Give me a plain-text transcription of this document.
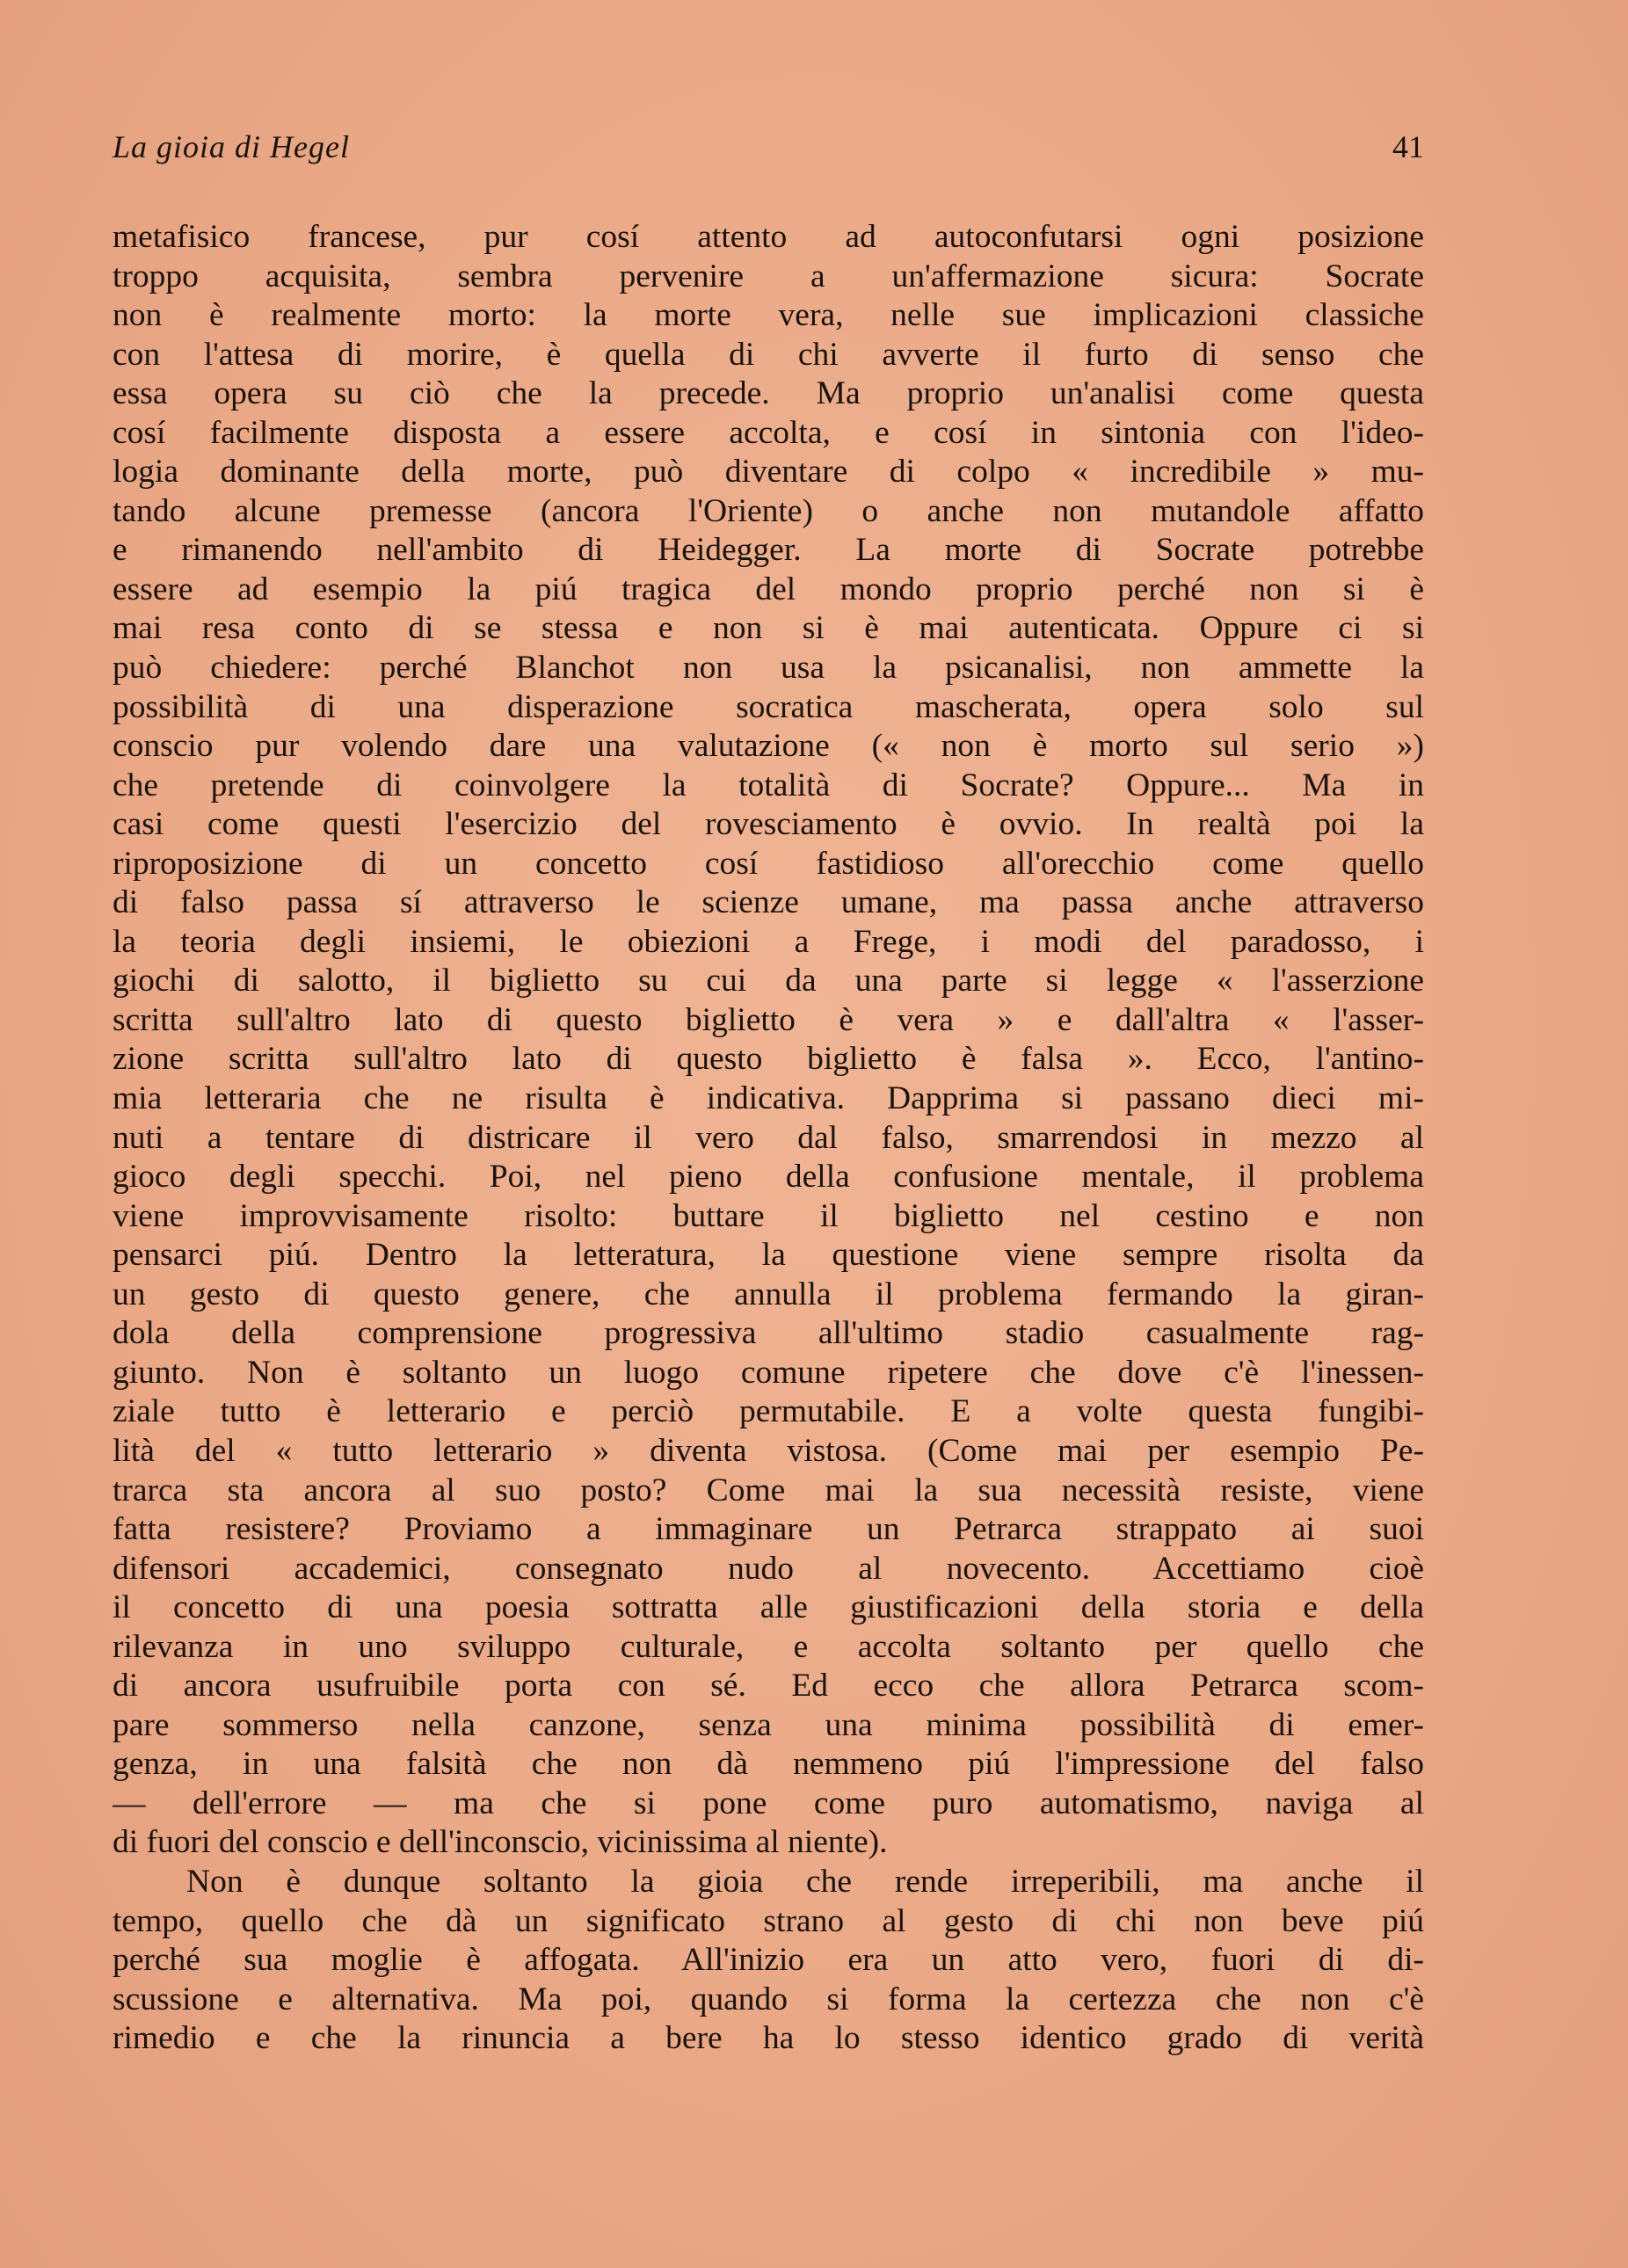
La gioia di Hegel	41
metafisico francese, pur cosí attento ad autoconfutarsi ogni posizione
troppo acquisita, sembra pervenire a un'affermazione sicura: Socrate
non è realmente morto: la morte vera, nelle sue implicazioni classiche
con l'attesa di morire, è quella di chi avverte il furto di senso che
essa opera su ciò che la precede. Ma proprio un'analisi come questa
cosí facilmente disposta a essere accolta, e cosí in sintonia con l'ideo-
logia dominante della morte, può diventare di colpo « incredibile » mu-
tando alcune premesse (ancora l'Oriente) o anche non mutandole affatto
e rimanendo nell'ambito di Heidegger. La morte di Socrate potrebbe
essere ad esempio la piú tragica del mondo proprio perché non si è
mai resa conto di se stessa e non si è mai autenticata. Oppure ci si
può chiedere: perché Blanchot non usa la psicanalisi, non ammette la
possibilità di una disperazione socratica mascherata, opera solo sul
conscio pur volendo dare una valutazione (« non è morto sul serio »)
che pretende di coinvolgere la totalità di Socrate? Oppure... Ma in
casi come questi l'esercizio del rovesciamento è ovvio. In realtà poi la
riproposizione di un concetto cosí fastidioso all'orecchio come quello
di falso passa sí attraverso le scienze umane, ma passa anche attraverso
la teoria degli insiemi, le obiezioni a Frege, i modi del paradosso, i
giochi di salotto, il biglietto su cui da una parte si legge « l'asserzione
scritta sull'altro lato di questo biglietto è vera » e dall'altra « l'asser-
zione scritta sull'altro lato di questo biglietto è falsa ». Ecco, l'antino-
mia letteraria che ne risulta è indicativa. Dapprima si passano dieci mi-
nuti a tentare di districare il vero dal falso, smarrendosi in mezzo al
gioco degli specchi. Poi, nel pieno della confusione mentale, il problema
viene improvvisamente risolto: buttare il biglietto nel cestino e non
pensarci piú. Dentro la letteratura, la questione viene sempre risolta da
un gesto di questo genere, che annulla il problema fermando la giran-
dola della comprensione progressiva all'ultimo stadio casualmente rag-
giunto. Non è soltanto un luogo comune ripetere che dove c'è l'inessen-
ziale tutto è letterario e perciò permutabile. E a volte questa fungibi-
lità del « tutto letterario » diventa vistosa. (Come mai per esempio Pe-
trarca sta ancora al suo posto? Come mai la sua necessità resiste, viene
fatta resistere? Proviamo a immaginare un Petrarca strappato ai suoi
difensori accademici, consegnato nudo al novecento. Accettiamo cioè
il concetto di una poesia sottratta alle giustificazioni della storia e della
rilevanza in uno sviluppo culturale, e accolta soltanto per quello che
di ancora usufruibile porta con sé. Ed ecco che allora Petrarca scom-
pare sommerso nella canzone, senza una minima possibilità di emer-
genza, in una falsità che non dà nemmeno piú l'impressione del falso
— dell'errore — ma che si pone come puro automatismo, naviga al
di fuori del conscio e dell'inconscio, vicinissima al niente).
Non è dunque soltanto la gioia che rende irreperibili, ma anche il
tempo, quello che dà un significato strano al gesto di chi non beve piú
perché sua moglie è affogata. All'inizio era un atto vero, fuori di di-
scussione e alternativa. Ma poi, quando si forma la certezza che non c'è
rimedio e che la rinuncia a bere ha lo stesso identico grado di verità
